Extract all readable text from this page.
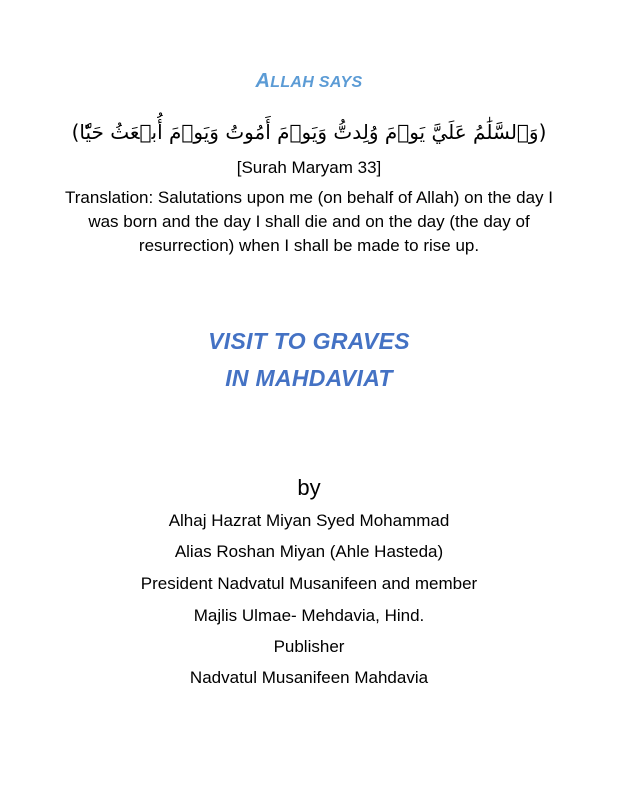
ALLAH SAYS
(وَٱلسَّلَٰمُ عَلَيَّ يَوۡمَ وُلِدتُّ وَيَوۡمَ أَمُوتُ وَيَوۡمَ أُبۡعَثُ حَيّٗا)
[Surah Maryam 33]
Translation: Salutations upon me (on behalf of Allah) on the day I was born and the day I shall die and on the day (the day of resurrection) when I shall be made to rise up.
VISIT TO GRAVES
IN MAHDAVIAT
by
Alhaj Hazrat Miyan Syed Mohammad
Alias Roshan Miyan (Ahle Hasteda)
President Nadvatul Musanifeen and member
Majlis Ulmae- Mehdavia, Hind.
Publisher
Nadvatul Musanifeen Mahdavia
